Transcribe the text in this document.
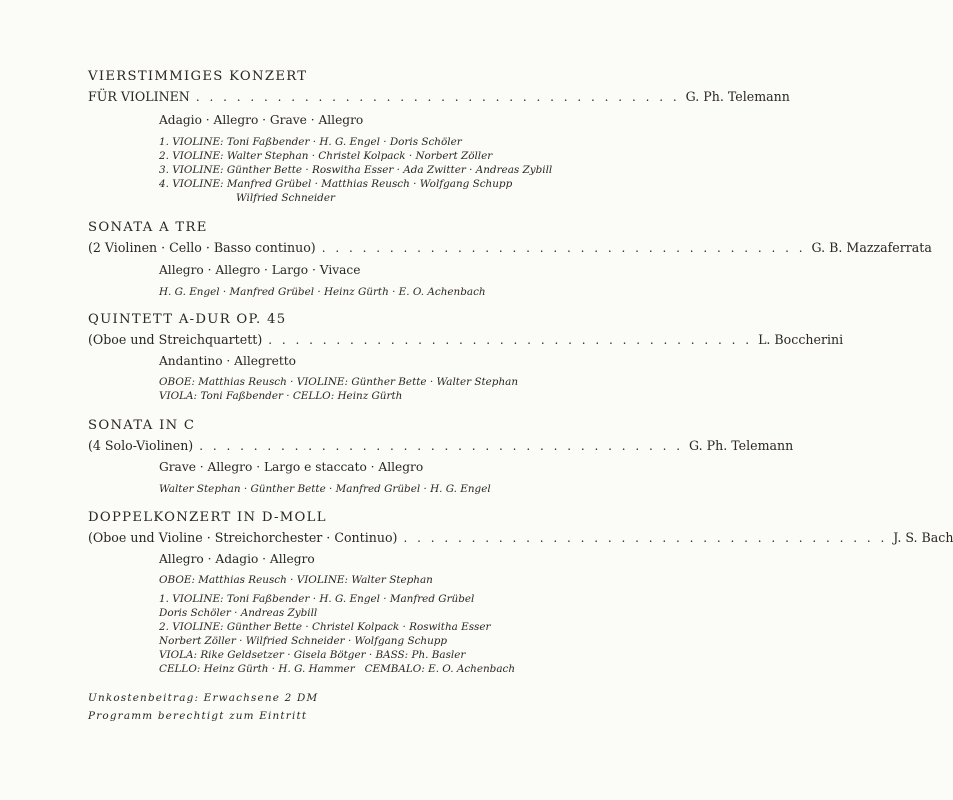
VIERSTIMMIGES KONZERT
FÜR VIOLINEN . . . . . . . . . . . . . . . . . . . . . . . . . . . . . . . . . . . . G. Ph. Telemann
Adagio · Allegro · Grave · Allegro
1. VIOLINE: Toni Faßbender · H. G. Engel · Doris Schöler
2. VIOLINE: Walter Stephan · Christel Kolpack · Norbert Zöller
3. VIOLINE: Günther Bette · Roswitha Esser · Ada Zwitter · Andreas Zybill
4. VIOLINE: Manfred Grübel · Matthias Reusch · Wolfgang Schupp
Wilfried Schneider
SONATA A TRE
(2 Violinen · Cello · Basso continuo) . . . . . . . . . . . . . . . . . . . . . . . . . . . . . . . . . . . . G. B. Mazzaferrata
Allegro · Allegro · Largo · Vivace
H. G. Engel · Manfred Grübel · Heinz Gürth · E. O. Achenbach
QUINTETT A-DUR OP. 45
(Oboe und Streichquartett) . . . . . . . . . . . . . . . . . . . . . . . . . . . . . . . . . . . . L. Boccherini
Andantino · Allegretto
OBOE: Matthias Reusch · VIOLINE: Günther Bette · Walter Stephan
VIOLA: Toni Faßbender · CELLO: Heinz Gürth
SONATA IN C
(4 Solo-Violinen) . . . . . . . . . . . . . . . . . . . . . . . . . . . . . . . . . . . . G. Ph. Telemann
Grave · Allegro · Largo e staccato · Allegro
Walter Stephan · Günther Bette · Manfred Grübel · H. G. Engel
DOPPELKONZERT IN D-MOLL
(Oboe und Violine · Streichorchester · Continuo) . . . . . . . . . . . . . . . . . . . . . . . . . . . . . . . . . . . . J. S. Bach
Allegro · Adagio · Allegro
OBOE: Matthias Reusch · VIOLINE: Walter Stephan
1. VIOLINE: Toni Faßbender · H. G. Engel · Manfred Grübel
Doris Schöler · Andreas Zybill
2. VIOLINE: Günther Bette · Christel Kolpack · Roswitha Esser
Norbert Zöller · Wilfried Schneider · Wolfgang Schupp
VIOLA: Rike Geldsetzer · Gisela Bötger · BASS: Ph. Basler
CELLO: Heinz Gürth · H. G. Hammer   CEMBALO: E. O. Achenbach
Unkostenbeitrag: Erwachsene 2 DM
Programm berechtigt zum Eintritt
